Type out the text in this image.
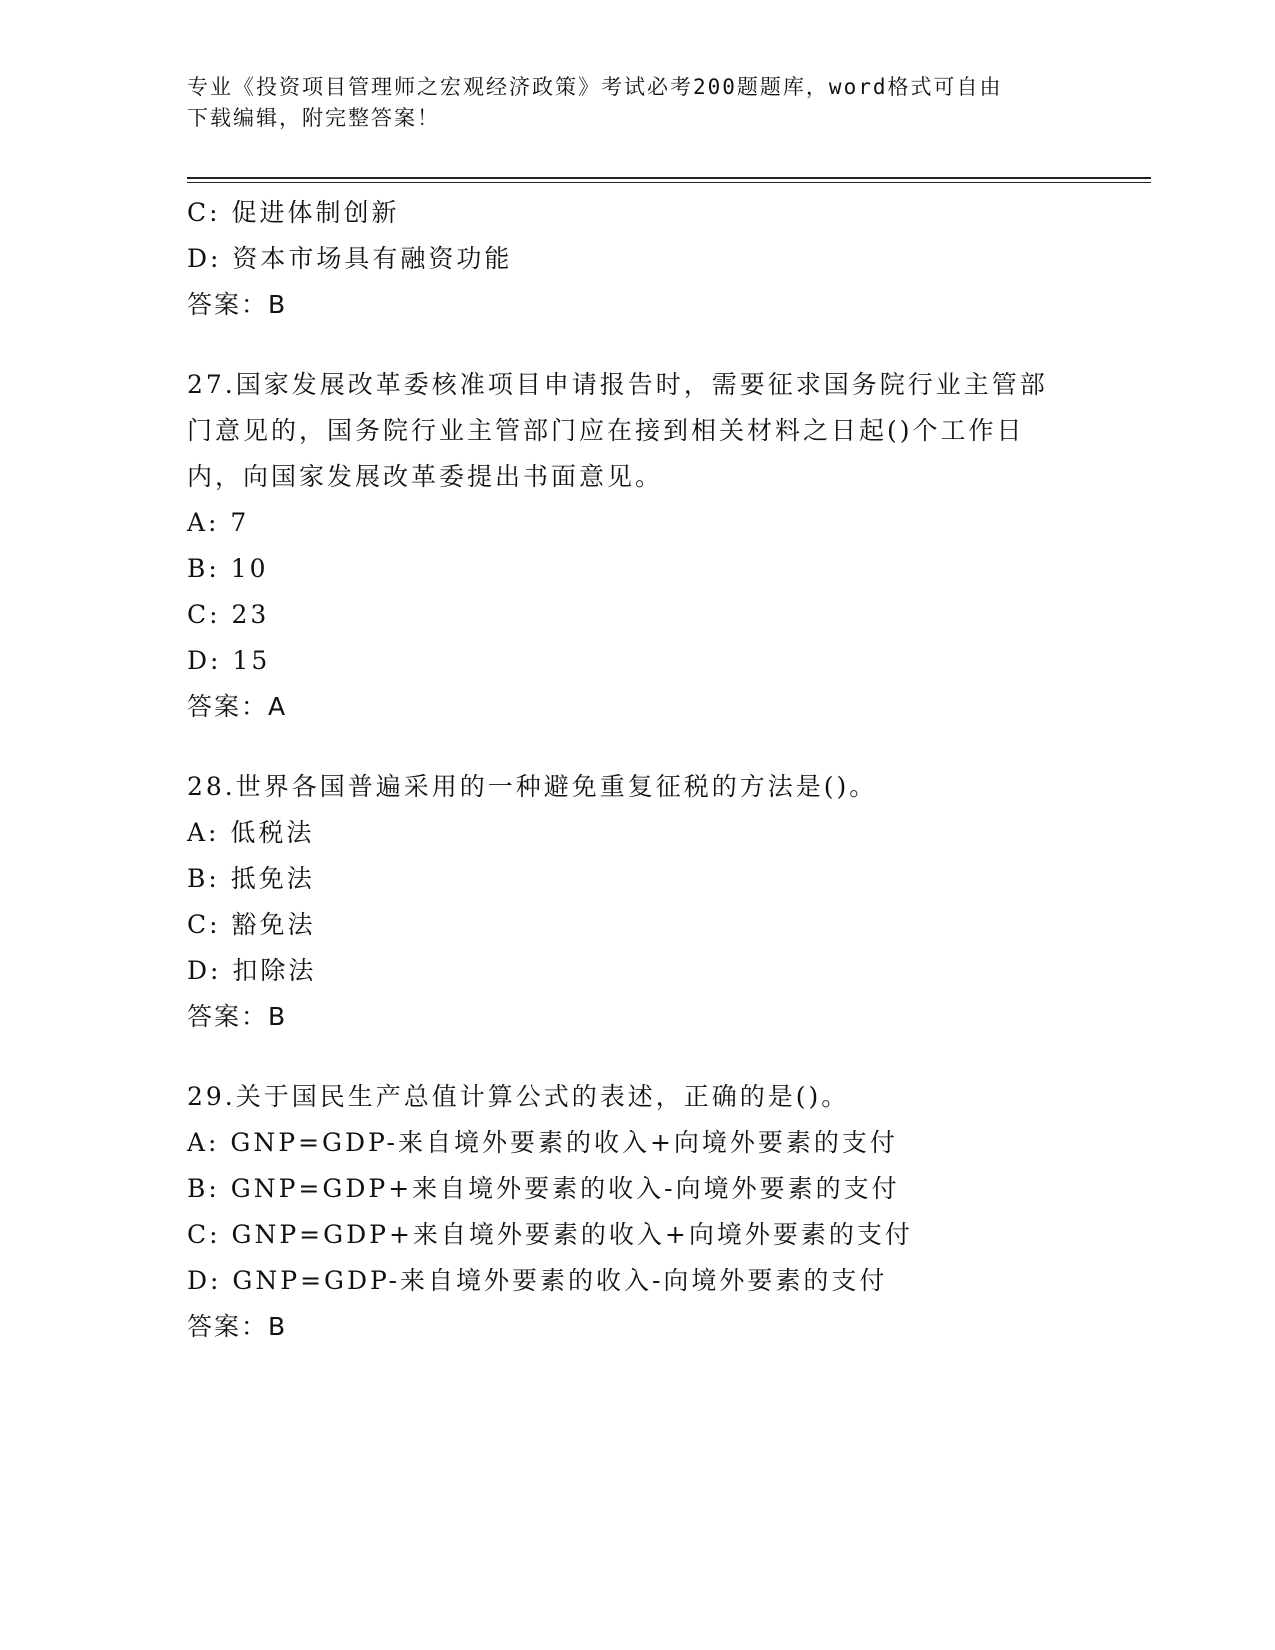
专业《投资项目管理师之宏观经济政策》考试必考200题题库，word格式可自由
下载编辑，附完整答案！
C: 促进体制创新
D: 资本市场具有融资功能
答案：B
27.国家发展改革委核准项目申请报告时，需要征求国务院行业主管部
门意见的，国务院行业主管部门应在接到相关材料之日起()个工作日
内，向国家发展改革委提出书面意见。
A: 7
B: 10
C: 23
D: 15
答案：A
28.世界各国普遍采用的一种避免重复征税的方法是()。
A: 低税法
B: 抵免法
C: 豁免法
D: 扣除法
答案：B
29.关于国民生产总值计算公式的表述，正确的是()。
A: GNP=GDP-来自境外要素的收入+向境外要素的支付
B: GNP=GDP+来自境外要素的收入-向境外要素的支付
C: GNP=GDP+来自境外要素的收入+向境外要素的支付
D: GNP=GDP-来自境外要素的收入-向境外要素的支付
答案：B
